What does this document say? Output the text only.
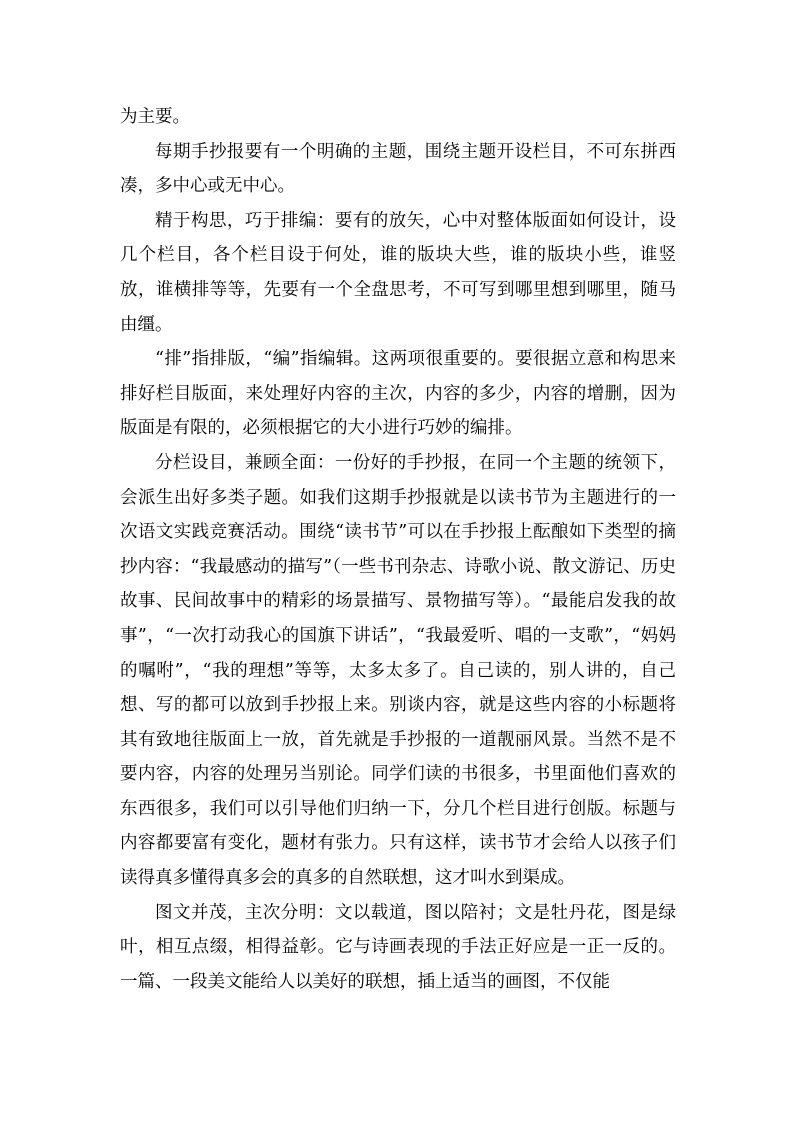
为主要。

每期手抄报要有一个明确的主题，围绕主题开设栏目，不可东拼西凑，多中心或无中心。

精于构思，巧于排编：要有的放矢，心中对整体版面如何设计，设几个栏目，各个栏目设于何处，谁的版块大些，谁的版块小些，谁竖放，谁横排等等，先要有一个全盘思考，不可写到哪里想到哪里，随马由缰。

“排”指排版，“编”指编辑。这两项很重要的。要很据立意和构思来排好栏目版面，来处理好内容的主次，内容的多少，内容的增删，因为版面是有限的，必须根据它的大小进行巧妙的编排。

分栏设目，兼顾全面：一份好的手抄报，在同一个主题的统领下，会派生出好多类子题。如我们这期手抄报就是以读书节为主题进行的一次语文实践竞赛活动。围绕“读书节”可以在手抄报上酝酿如下类型的摘抄内容：“我最感动的描写”（一些书刊杂志、诗歌小说、散文游记、历史故事、民间故事中的精彩的场景描写、景物描写等）。“最能启发我的故事”，“一次打动我心的国旗下讲话”，“我最爱听、唱的一支歌”，“妈妈的嘱咐”，“我的理想”等等，太多太多了。自己读的，别人讲的，自己想、写的都可以放到手抄报上来。别谈内容，就是这些内容的小标题将其有致地往版面上一放，首先就是手抄报的一道靓丽风景。当然不是不要内容，内容的处理另当别论。同学们读的书很多，书里面他们喜欢的东西很多，我们可以引导他们归纳一下，分几个栏目进行创版。标题与内容都要富有变化，题材有张力。只有这样，读书节才会给人以孩子们读得真多懂得真多会的真多的自然联想，这才叫水到渠成。

图文并茂，主次分明：文以载道，图以陪衬；文是牡丹花，图是绿叶，相互点缀，相得益彰。它与诗画表现的手法正好应是一正一反的。一篇、一段美文能给人以美好的联想，插上适当的画图，不仅能
